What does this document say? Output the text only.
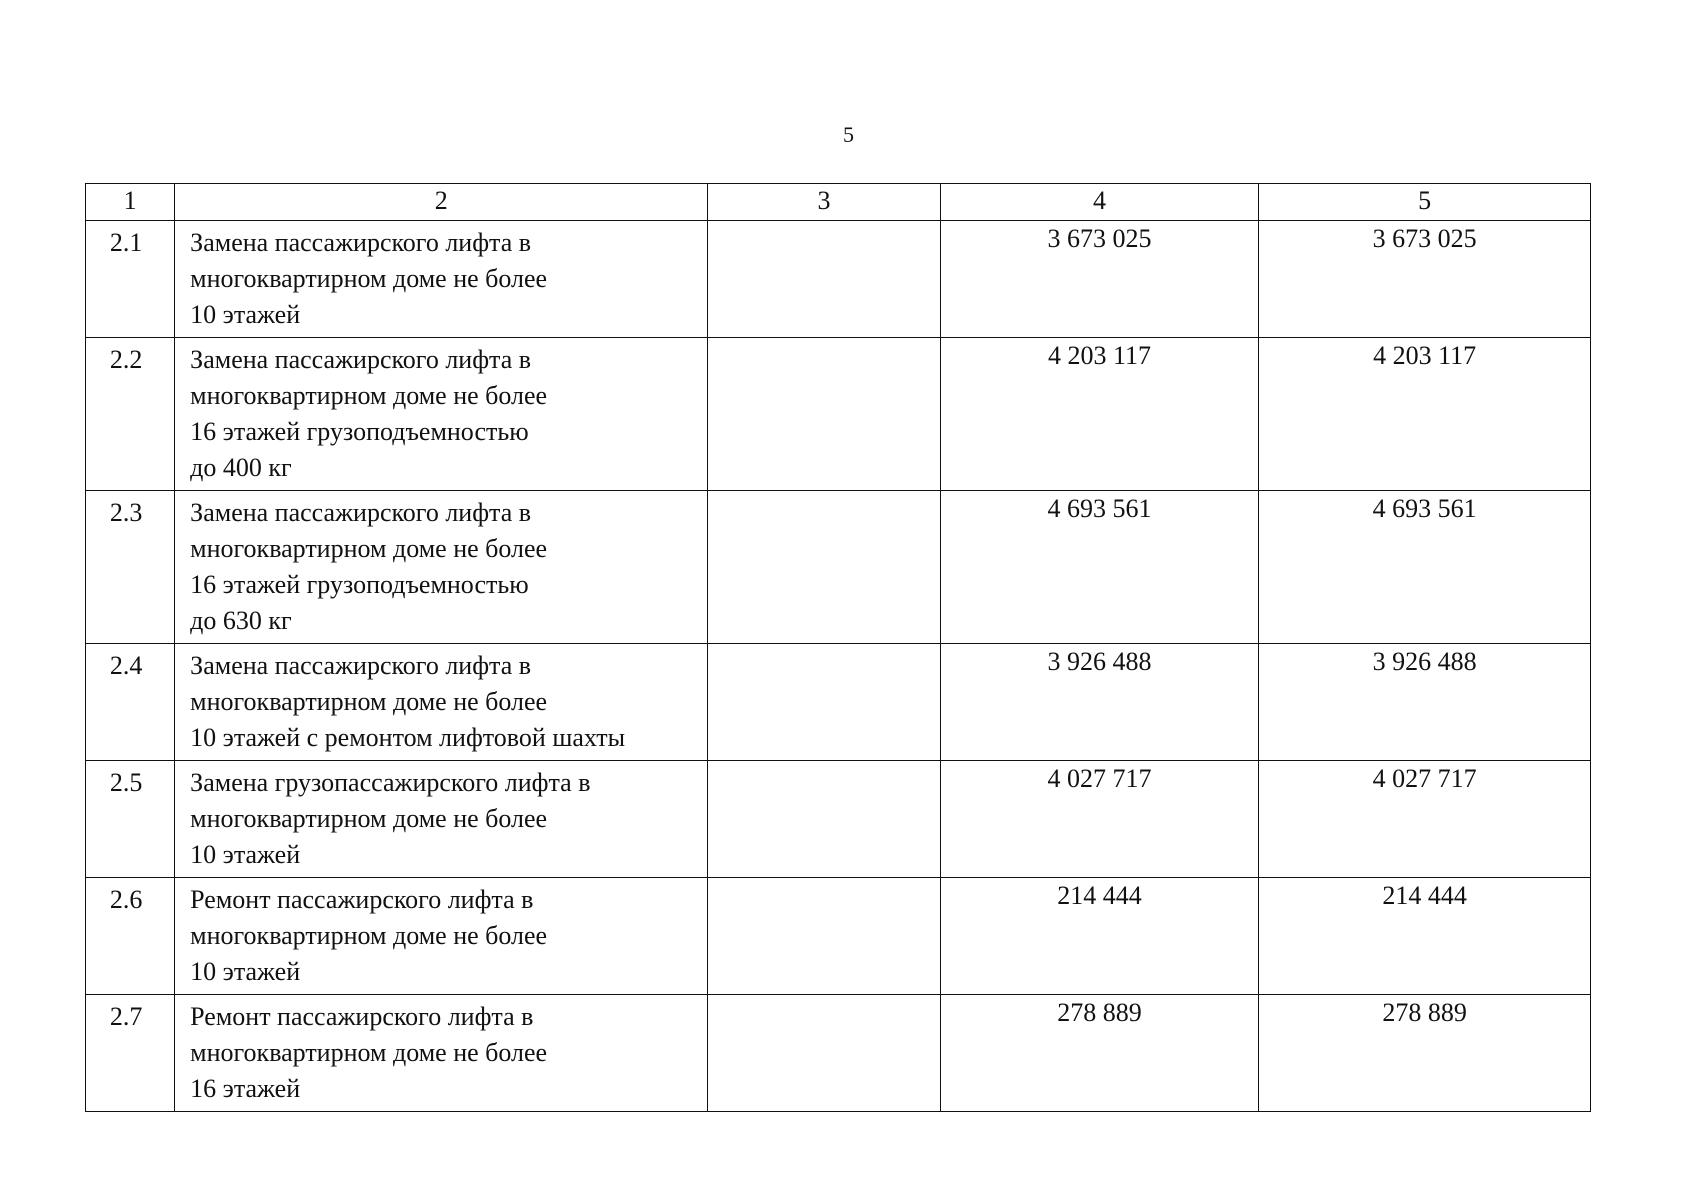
5
1	2	3	4	5
2.1	Замена пассажирского лифта в
многоквартирном доме не более
10 этажей		3 673 025	3 673 025
2.2	Замена пассажирского лифта в
многоквартирном доме не более
16 этажей грузоподъемностью
до 400 кг		4 203 117	4 203 117
2.3	Замена пассажирского лифта в
многоквартирном доме не более
16 этажей грузоподъемностью
до 630 кг		4 693 561	4 693 561
2.4	Замена пассажирского лифта в
многоквартирном доме не более
10 этажей с ремонтом лифтовой шахты		3 926 488	3 926 488
2.5	Замена грузопассажирского лифта в
многоквартирном доме не более
10 этажей		4 027 717	4 027 717
2.6	Ремонт пассажирского лифта в
многоквартирном доме не более
10 этажей		214 444	214 444
2.7	Ремонт пассажирского лифта в
многоквартирном доме не более
16 этажей		278 889	278 889
